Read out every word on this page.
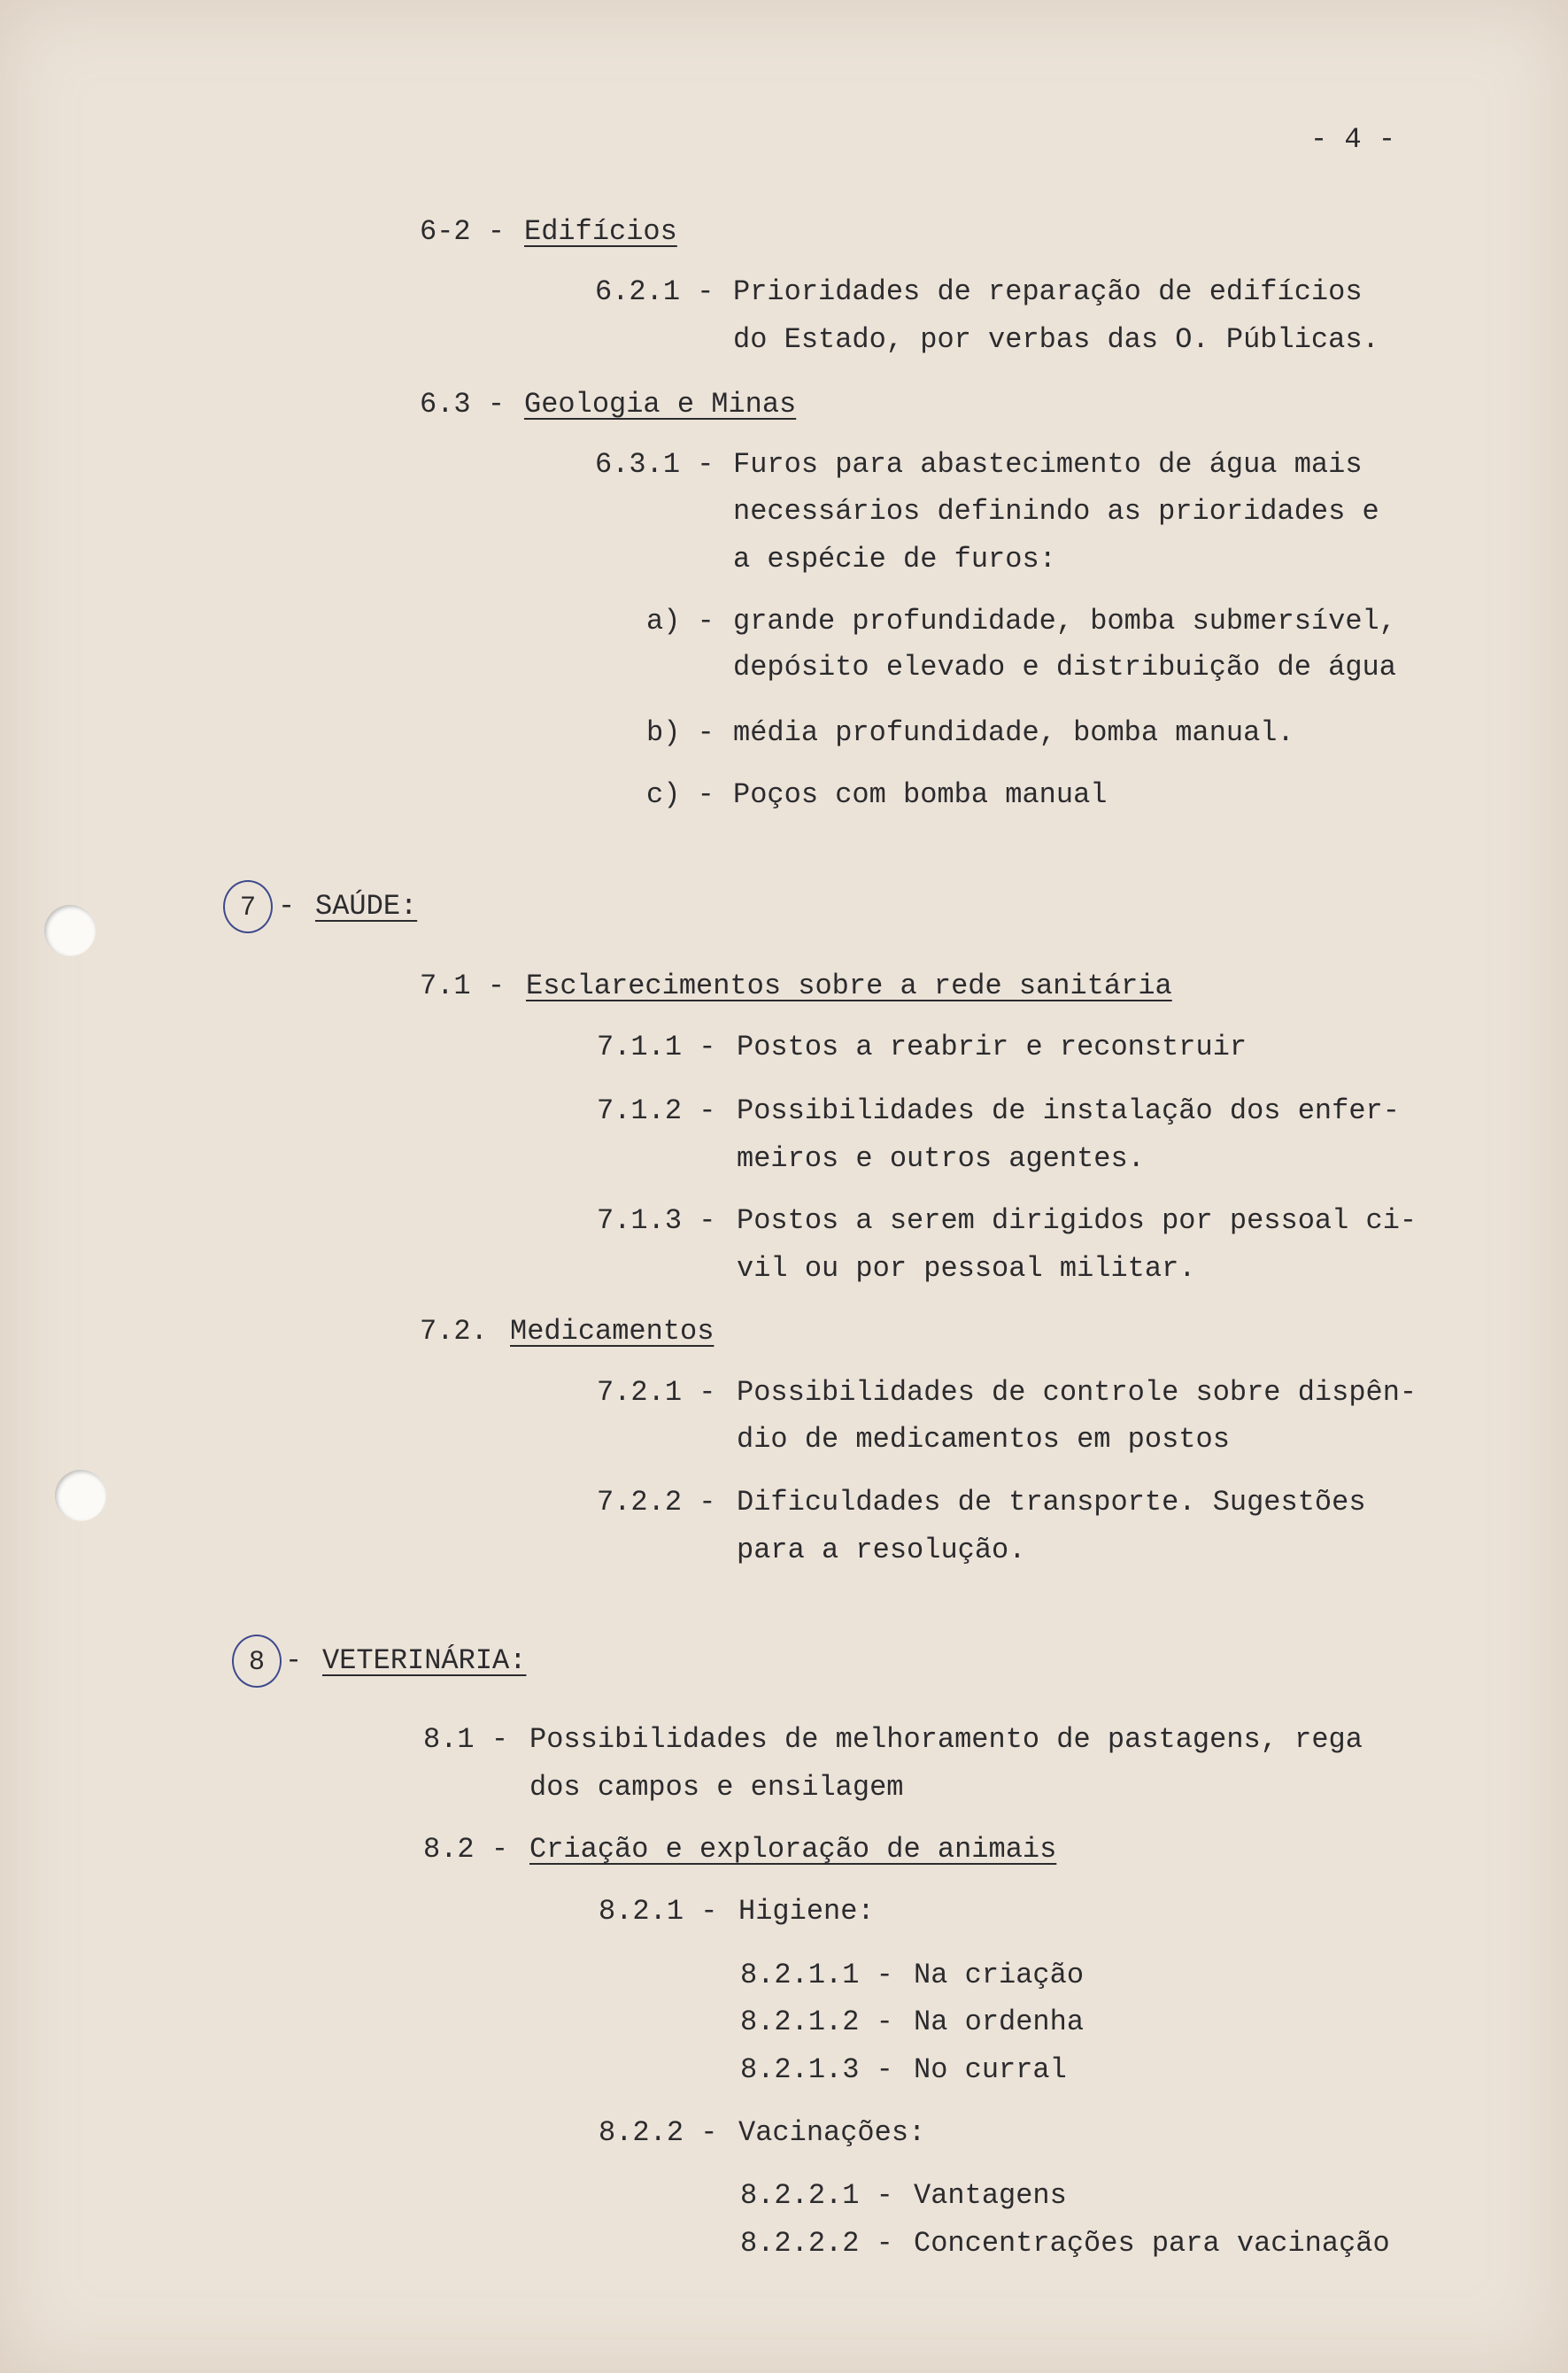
- 4 -

6-2 - Edifícios

6.2.1 - Prioridades de reparação de edifícios

do Estado, por verbas das O. Públicas.

6.3 - Geologia e Minas

6.3.1 - Furos para abastecimento de água mais

necessários definindo as prioridades e

a espécie de furos:

a) - grande profundidade, bomba submersível,

depósito elevado e distribuição de água

b) - média profundidade, bomba manual.

c) - Poços com bomba manual

7 - SAÚDE:

7.1 - Esclarecimentos sobre a rede sanitária

7.1.1 - Postos a reabrir e reconstruir

7.1.2 - Possibilidades de instalação dos enfer-

meiros e outros agentes.

7.1.3 - Postos a serem dirigidos por pessoal ci-

vil ou por pessoal militar.

7.2. Medicamentos

7.2.1 - Possibilidades de controle sobre dispên-

dio de medicamentos em postos

7.2.2 - Dificuldades de transporte. Sugestões

para a resolução.

8 - VETERINÁRIA:

8.1 - Possibilidades de melhoramento de pastagens, rega

dos campos e ensilagem

8.2 - Criação e exploração de animais

8.2.1 - Higiene:

8.2.1.1 - Na criação

8.2.1.2 - Na ordenha

8.2.1.3 - No curral

8.2.2 - Vacinações:

8.2.2.1 - Vantagens

8.2.2.2 - Concentrações para vacinação
